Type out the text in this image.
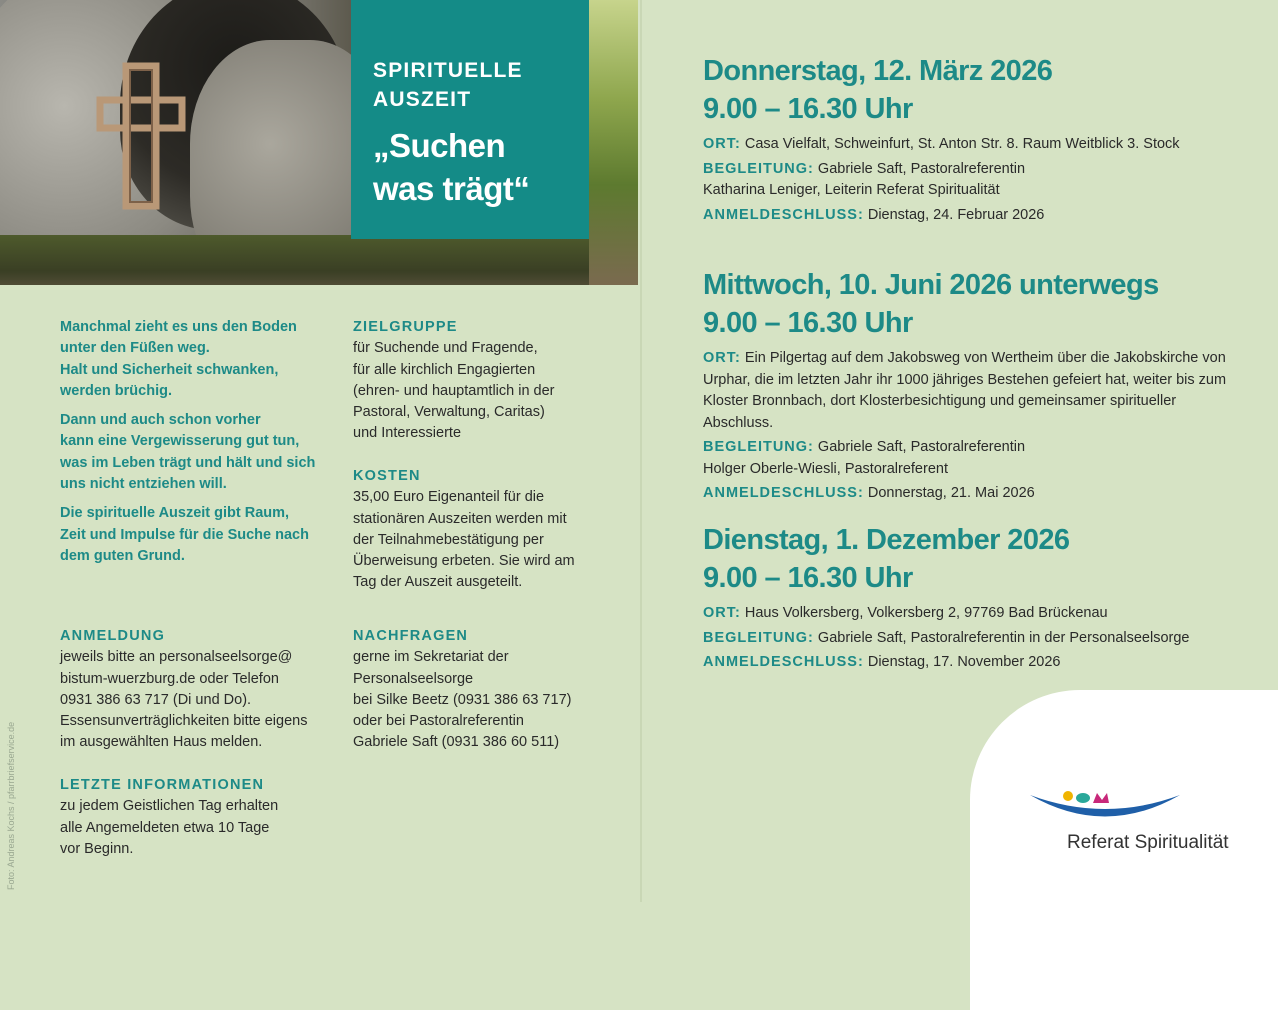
SPIRITUELLE
AUSZEIT
„Suchen
was trägt“
Manchmal zieht es uns den Boden
unter den Füßen weg.
Halt und Sicherheit schwanken,
werden brüchig.
Dann und auch schon vorher
kann eine Vergewisserung gut tun,
was im Leben trägt und hält und sich
uns nicht entziehen will.
Die spirituelle Auszeit gibt Raum,
Zeit und Impulse für die Suche nach
dem guten Grund.
ANMELDUNG
jeweils bitte an personalseelsorge@
bistum-wuerzburg.de oder Telefon
0931 386 63 717 (Di und Do).
Essensunverträglichkeiten bitte eigens
im ausgewählten Haus melden.
LETZTE INFORMATIONEN
zu jedem Geistlichen Tag erhalten
alle Angemeldeten etwa 10 Tage
vor Beginn.
ZIELGRUPPE
für Suchende und Fragende,
für alle kirchlich Engagierten
(ehren- und hauptamtlich in der
Pastoral, Verwaltung, Caritas)
und Interessierte
KOSTEN
35,00 Euro Eigenanteil für die
stationären Auszeiten werden mit
der Teilnahmebestätigung per
Überweisung erbeten. Sie wird am
Tag der Auszeit ausgeteilt.
NACHFRAGEN
gerne im Sekretariat der
Personalseelsorge
bei Silke Beetz (0931 386 63 717)
oder bei Pastoralreferentin
Gabriele Saft (0931 386 60 511)
Foto: Andreas Kochs / pfarrbriefservice.de
Donnerstag, 12. März 2026
9.00 – 16.30 Uhr
ORT: Casa Vielfalt, Schweinfurt, St. Anton Str. 8. Raum Weitblick 3. Stock
BEGLEITUNG: Gabriele Saft, Pastoralreferentin
Katharina Leniger, Leiterin Referat Spiritualität
ANMELDESCHLUSS: Dienstag, 24. Februar 2026
Mittwoch, 10. Juni 2026 unterwegs
9.00 – 16.30 Uhr
ORT: Ein Pilgertag auf dem Jakobsweg von Wertheim über die Jakobskirche von Urphar, die im letzten Jahr ihr 1000 jähriges Bestehen gefeiert hat, weiter bis zum Kloster Bronnbach, dort Klosterbesichtigung und gemeinsamer spiritueller Abschluss.
BEGLEITUNG: Gabriele Saft, Pastoralreferentin
Holger Oberle-Wiesli, Pastoralreferent
ANMELDESCHLUSS: Donnerstag, 21. Mai 2026
Dienstag, 1. Dezember 2026
9.00 – 16.30 Uhr
ORT: Haus Volkersberg, Volkersberg 2, 97769 Bad Brückenau
BEGLEITUNG: Gabriele Saft, Pastoralreferentin in der Personalseelsorge
ANMELDESCHLUSS: Dienstag, 17. November 2026
Referat Spiritualität
